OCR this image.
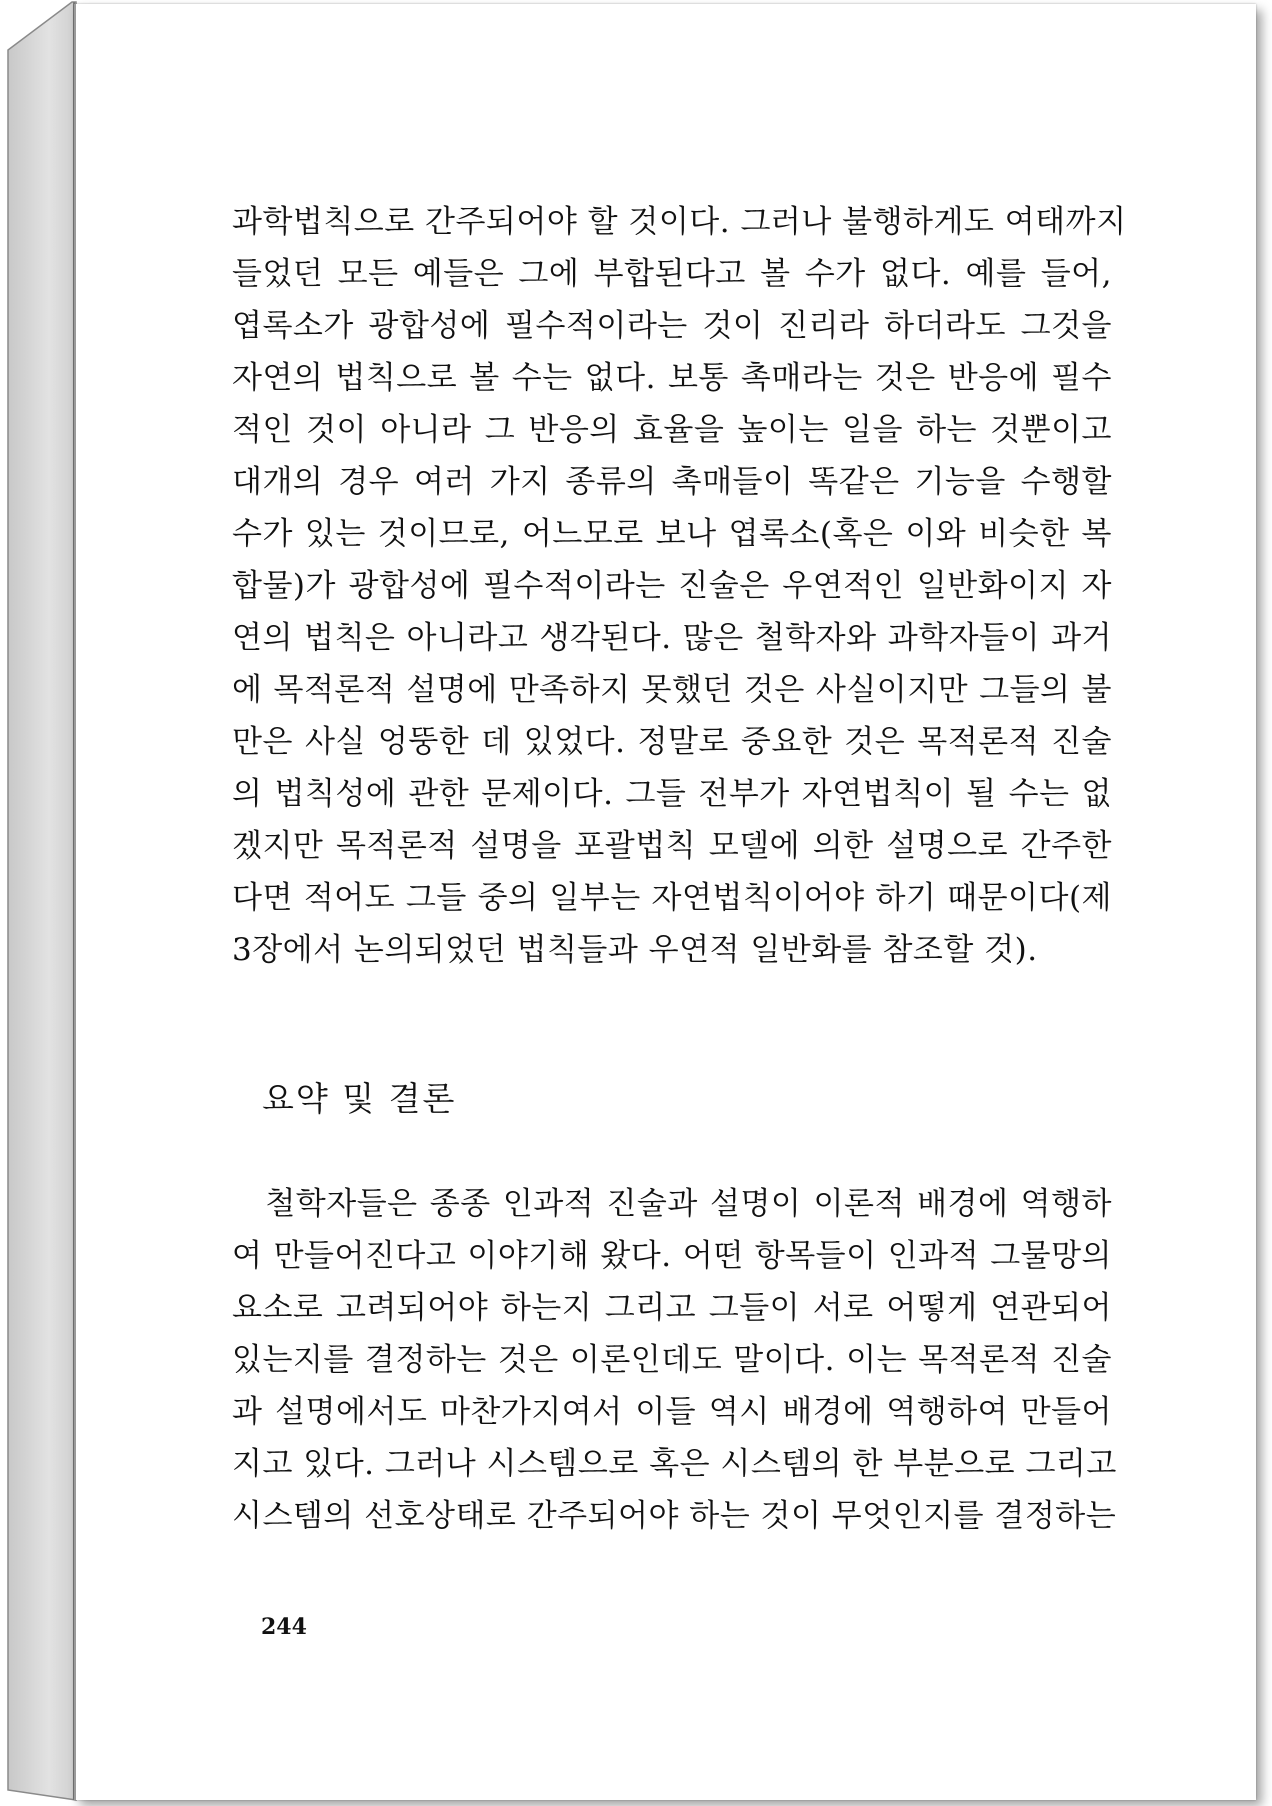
과학법칙으로 간주되어야 할 것이다. 그러나 불행하게도 여태까지
들었던 모든 예들은 그에 부합된다고 볼 수가 없다. 예를 들어,
엽록소가 광합성에 필수적이라는 것이 진리라 하더라도 그것을
자연의 법칙으로 볼 수는 없다. 보통 촉매라는 것은 반응에 필수
적인 것이 아니라 그 반응의 효율을 높이는 일을 하는 것뿐이고
대개의 경우 여러 가지 종류의 촉매들이 똑같은 기능을 수행할
수가 있는 것이므로, 어느모로 보나 엽록소(혹은 이와 비슷한 복
합물)가 광합성에 필수적이라는 진술은 우연적인 일반화이지 자
연의 법칙은 아니라고 생각된다. 많은 철학자와 과학자들이 과거
에 목적론적 설명에 만족하지 못했던 것은 사실이지만 그들의 불
만은 사실 엉뚱한 데 있었다. 정말로 중요한 것은 목적론적 진술
의 법칙성에 관한 문제이다. 그들 전부가 자연법칙이 될 수는 없
겠지만 목적론적 설명을 포괄법칙 모델에 의한 설명으로 간주한
다면 적어도 그들 중의 일부는 자연법칙이어야 하기 때문이다(제
3장에서 논의되었던 법칙들과 우연적 일반화를 참조할 것).
요약 및 결론
　철학자들은 종종 인과적 진술과 설명이 이론적 배경에 역행하
여 만들어진다고 이야기해 왔다. 어떤 항목들이 인과적 그물망의
요소로 고려되어야 하는지 그리고 그들이 서로 어떻게 연관되어
있는지를 결정하는 것은 이론인데도 말이다. 이는 목적론적 진술
과 설명에서도 마찬가지여서 이들 역시 배경에 역행하여 만들어
지고 있다. 그러나 시스템으로 혹은 시스템의 한 부분으로 그리고
시스템의 선호상태로 간주되어야 하는 것이 무엇인지를 결정하는
244
